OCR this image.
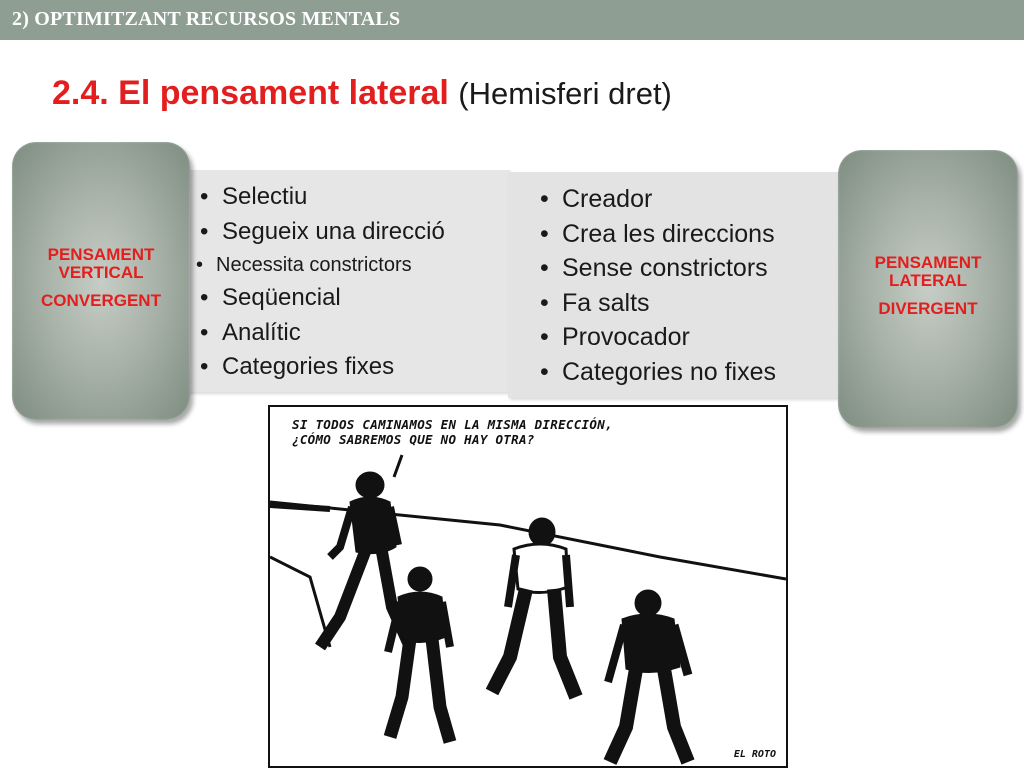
2) OPTIMITZANT RECURSOS MENTALS
2.4. El pensament lateral (Hemisferi dret)
• Selectiu
• Segueix una direcció
• Necessita constrictors
• Seqüencial
• Analític
• Categories fixes
• Creador
• Crea les direccions
• Sense constrictors
• Fa salts
• Provocador
• Categories no fixes
PENSAMENT VERTICAL
CONVERGENT
PENSAMENT LATERAL
DIVERGENT
SI TODOS CAMINAMOS EN LA MISMA DIRECCIÓN,
¿CÓMO SABREMOS QUE NO HAY OTRA?
EL ROTO
